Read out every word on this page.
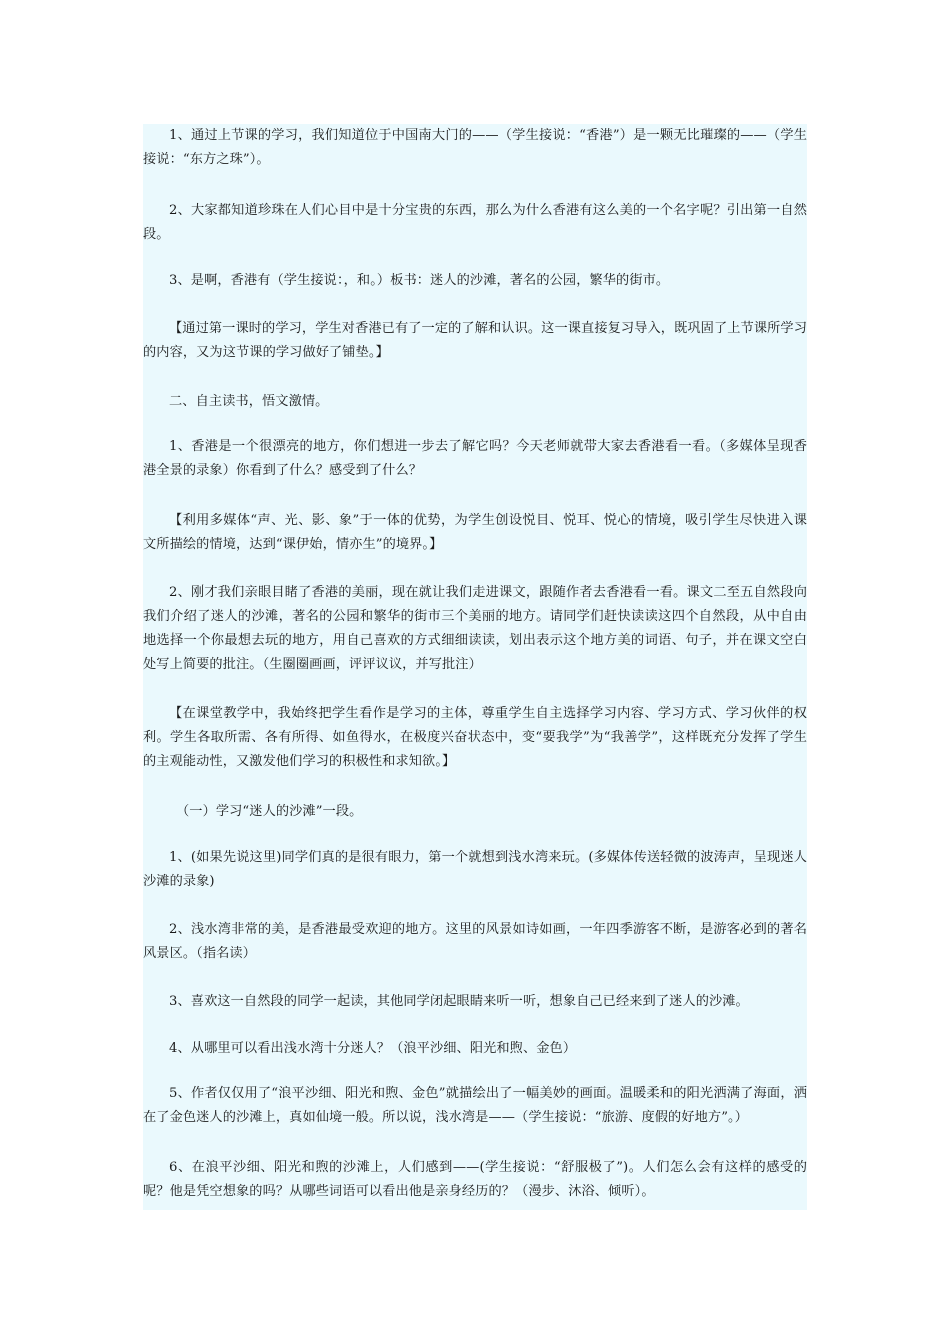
1、通过上节课的学习，我们知道位于中国南大门的——（学生接说：“香港”）是一颗无比璀璨的——（学生接说：“东方之珠”）。

2、大家都知道珍珠在人们心目中是十分宝贵的东西，那么为什么香港有这么美的一个名字呢？引出第一自然段。

3、是啊，香港有（学生接说：，和。）板书：迷人的沙滩，著名的公园，繁华的街市。

【通过第一课时的学习，学生对香港已有了一定的了解和认识。这一课直接复习导入，既巩固了上节课所学习的内容，又为这节课的学习做好了铺垫。】

二、自主读书，悟文激情。

1、香港是一个很漂亮的地方，你们想进一步去了解它吗？今天老师就带大家去香港看一看。（多媒体呈现香港全景的录象）你看到了什么？感受到了什么？

【利用多媒体“声、光、影、象”于一体的优势，为学生创设悦目、悦耳、悦心的情境，吸引学生尽快进入课文所描绘的情境，达到“课伊始，情亦生”的境界。】

2、刚才我们亲眼目睹了香港的美丽，现在就让我们走进课文，跟随作者去香港看一看。课文二至五自然段向我们介绍了迷人的沙滩，著名的公园和繁华的街市三个美丽的地方。请同学们赶快读读这四个自然段，从中自由地选择一个你最想去玩的地方，用自己喜欢的方式细细读读，划出表示这个地方美的词语、句子，并在课文空白处写上简要的批注。（生圈圈画画，评评议议，并写批注）

【在课堂教学中，我始终把学生看作是学习的主体，尊重学生自主选择学习内容、学习方式、学习伙伴的权利。学生各取所需、各有所得、如鱼得水，在极度兴奋状态中，变“要我学”为“我善学”，这样既充分发挥了学生的主观能动性，又激发他们学习的积极性和求知欲。】

（一）学习“迷人的沙滩”一段。

1、(如果先说这里)同学们真的是很有眼力，第一个就想到浅水湾来玩。(多媒体传送轻微的波涛声，呈现迷人沙滩的录象)

2、浅水湾非常的美，是香港最受欢迎的地方。这里的风景如诗如画，一年四季游客不断，是游客必到的著名风景区。（指名读）

3、喜欢这一自然段的同学一起读，其他同学闭起眼睛来听一听，想象自己已经来到了迷人的沙滩。

4、从哪里可以看出浅水湾十分迷人？（浪平沙细、阳光和煦、金色）

5、作者仅仅用了“浪平沙细、阳光和煦、金色”就描绘出了一幅美妙的画面。温暖柔和的阳光洒满了海面，洒在了金色迷人的沙滩上，真如仙境一般。所以说，浅水湾是——（学生接说：“旅游、度假的好地方”。）

6、在浪平沙细、阳光和煦的沙滩上，人们感到——(学生接说：“舒服极了”)。人们怎么会有这样的感受的呢？他是凭空想象的吗？从哪些词语可以看出他是亲身经历的？（漫步、沐浴、倾听）。
